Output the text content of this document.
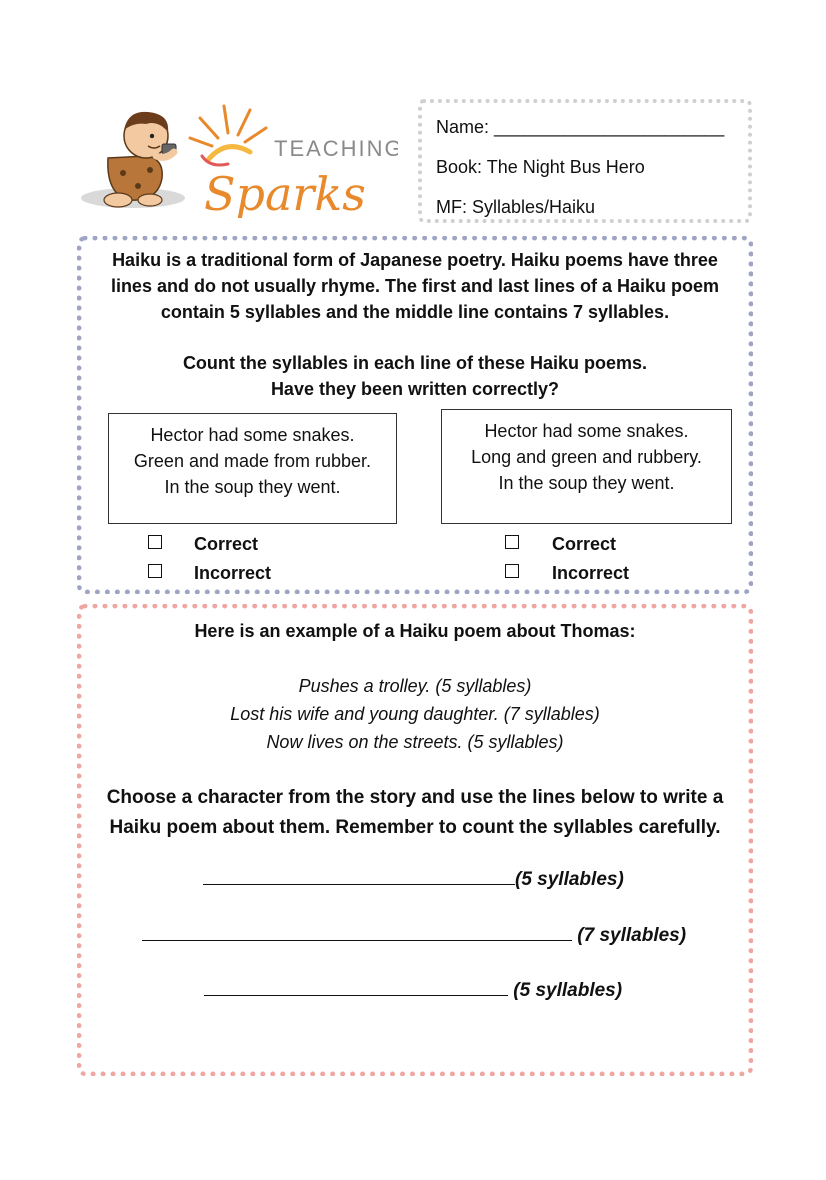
TEACHING
Sparks
Name: _______________________
Book: The Night Bus Hero
MF: Syllables/Haiku
Haiku is a traditional form of Japanese poetry. Haiku poems have three
lines and do not usually rhyme. The first and last lines of a Haiku poem
contain 5 syllables and the middle line contains 7 syllables.
Count the syllables in each line of these Haiku poems.
Have they been written correctly?
Hector had some snakes.
Green and made from rubber.
In the soup they went.
Hector had some snakes.
Long and green and rubbery.
In the soup they went.
Correct
Incorrect
Correct
Incorrect
Here is an example of a Haiku poem about Thomas:
Pushes a trolley. (5 syllables)
Lost his wife and young daughter. (7 syllables)
Now lives on the streets. (5 syllables)
Choose a character from the story and use the lines below to write a
Haiku poem about them. Remember to count the syllables carefully.
(5 syllables)
(7 syllables)
(5 syllables)
